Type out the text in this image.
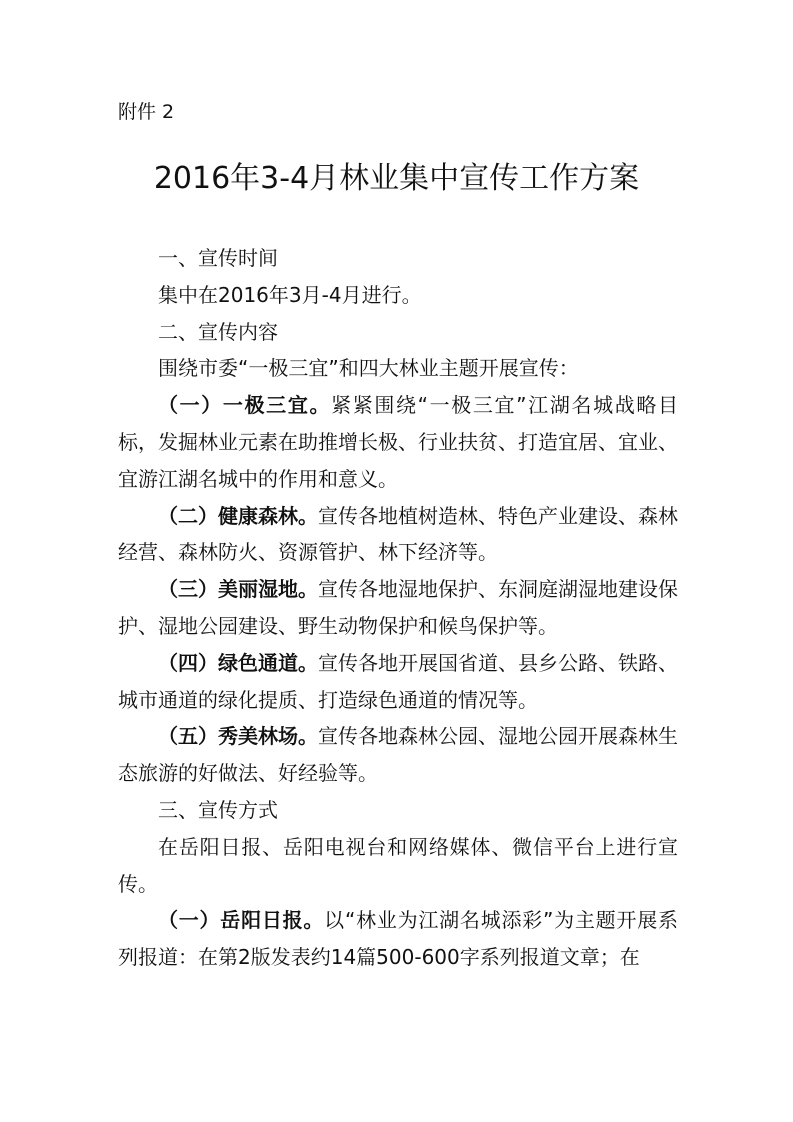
附件 2
2016年3-4月林业集中宣传工作方案

一、宣传时间

集中在2016年3月-4月进行。

二、宣传内容

围绕市委“一极三宜”和四大林业主题开展宣传：

（一）一极三宜。紧紧围绕“一极三宜”江湖名城战略目标，发掘林业元素在助推增长极、行业扶贫、打造宜居、宜业、宜游江湖名城中的作用和意义。

（二）健康森林。宣传各地植树造林、特色产业建设、森林经营、森林防火、资源管护、林下经济等。

（三）美丽湿地。宣传各地湿地保护、东洞庭湖湿地建设保护、湿地公园建设、野生动物保护和候鸟保护等。

（四）绿色通道。宣传各地开展国省道、县乡公路、铁路、城市通道的绿化提质、打造绿色通道的情况等。

（五）秀美林场。宣传各地森林公园、湿地公园开展森林生态旅游的好做法、好经验等。

三、宣传方式

在岳阳日报、岳阳电视台和网络媒体、微信平台上进行宣传。

（一）岳阳日报。以“林业为江湖名城添彩”为主题开展系列报道：在第2版发表约14篇500-600字系列报道文章；在
